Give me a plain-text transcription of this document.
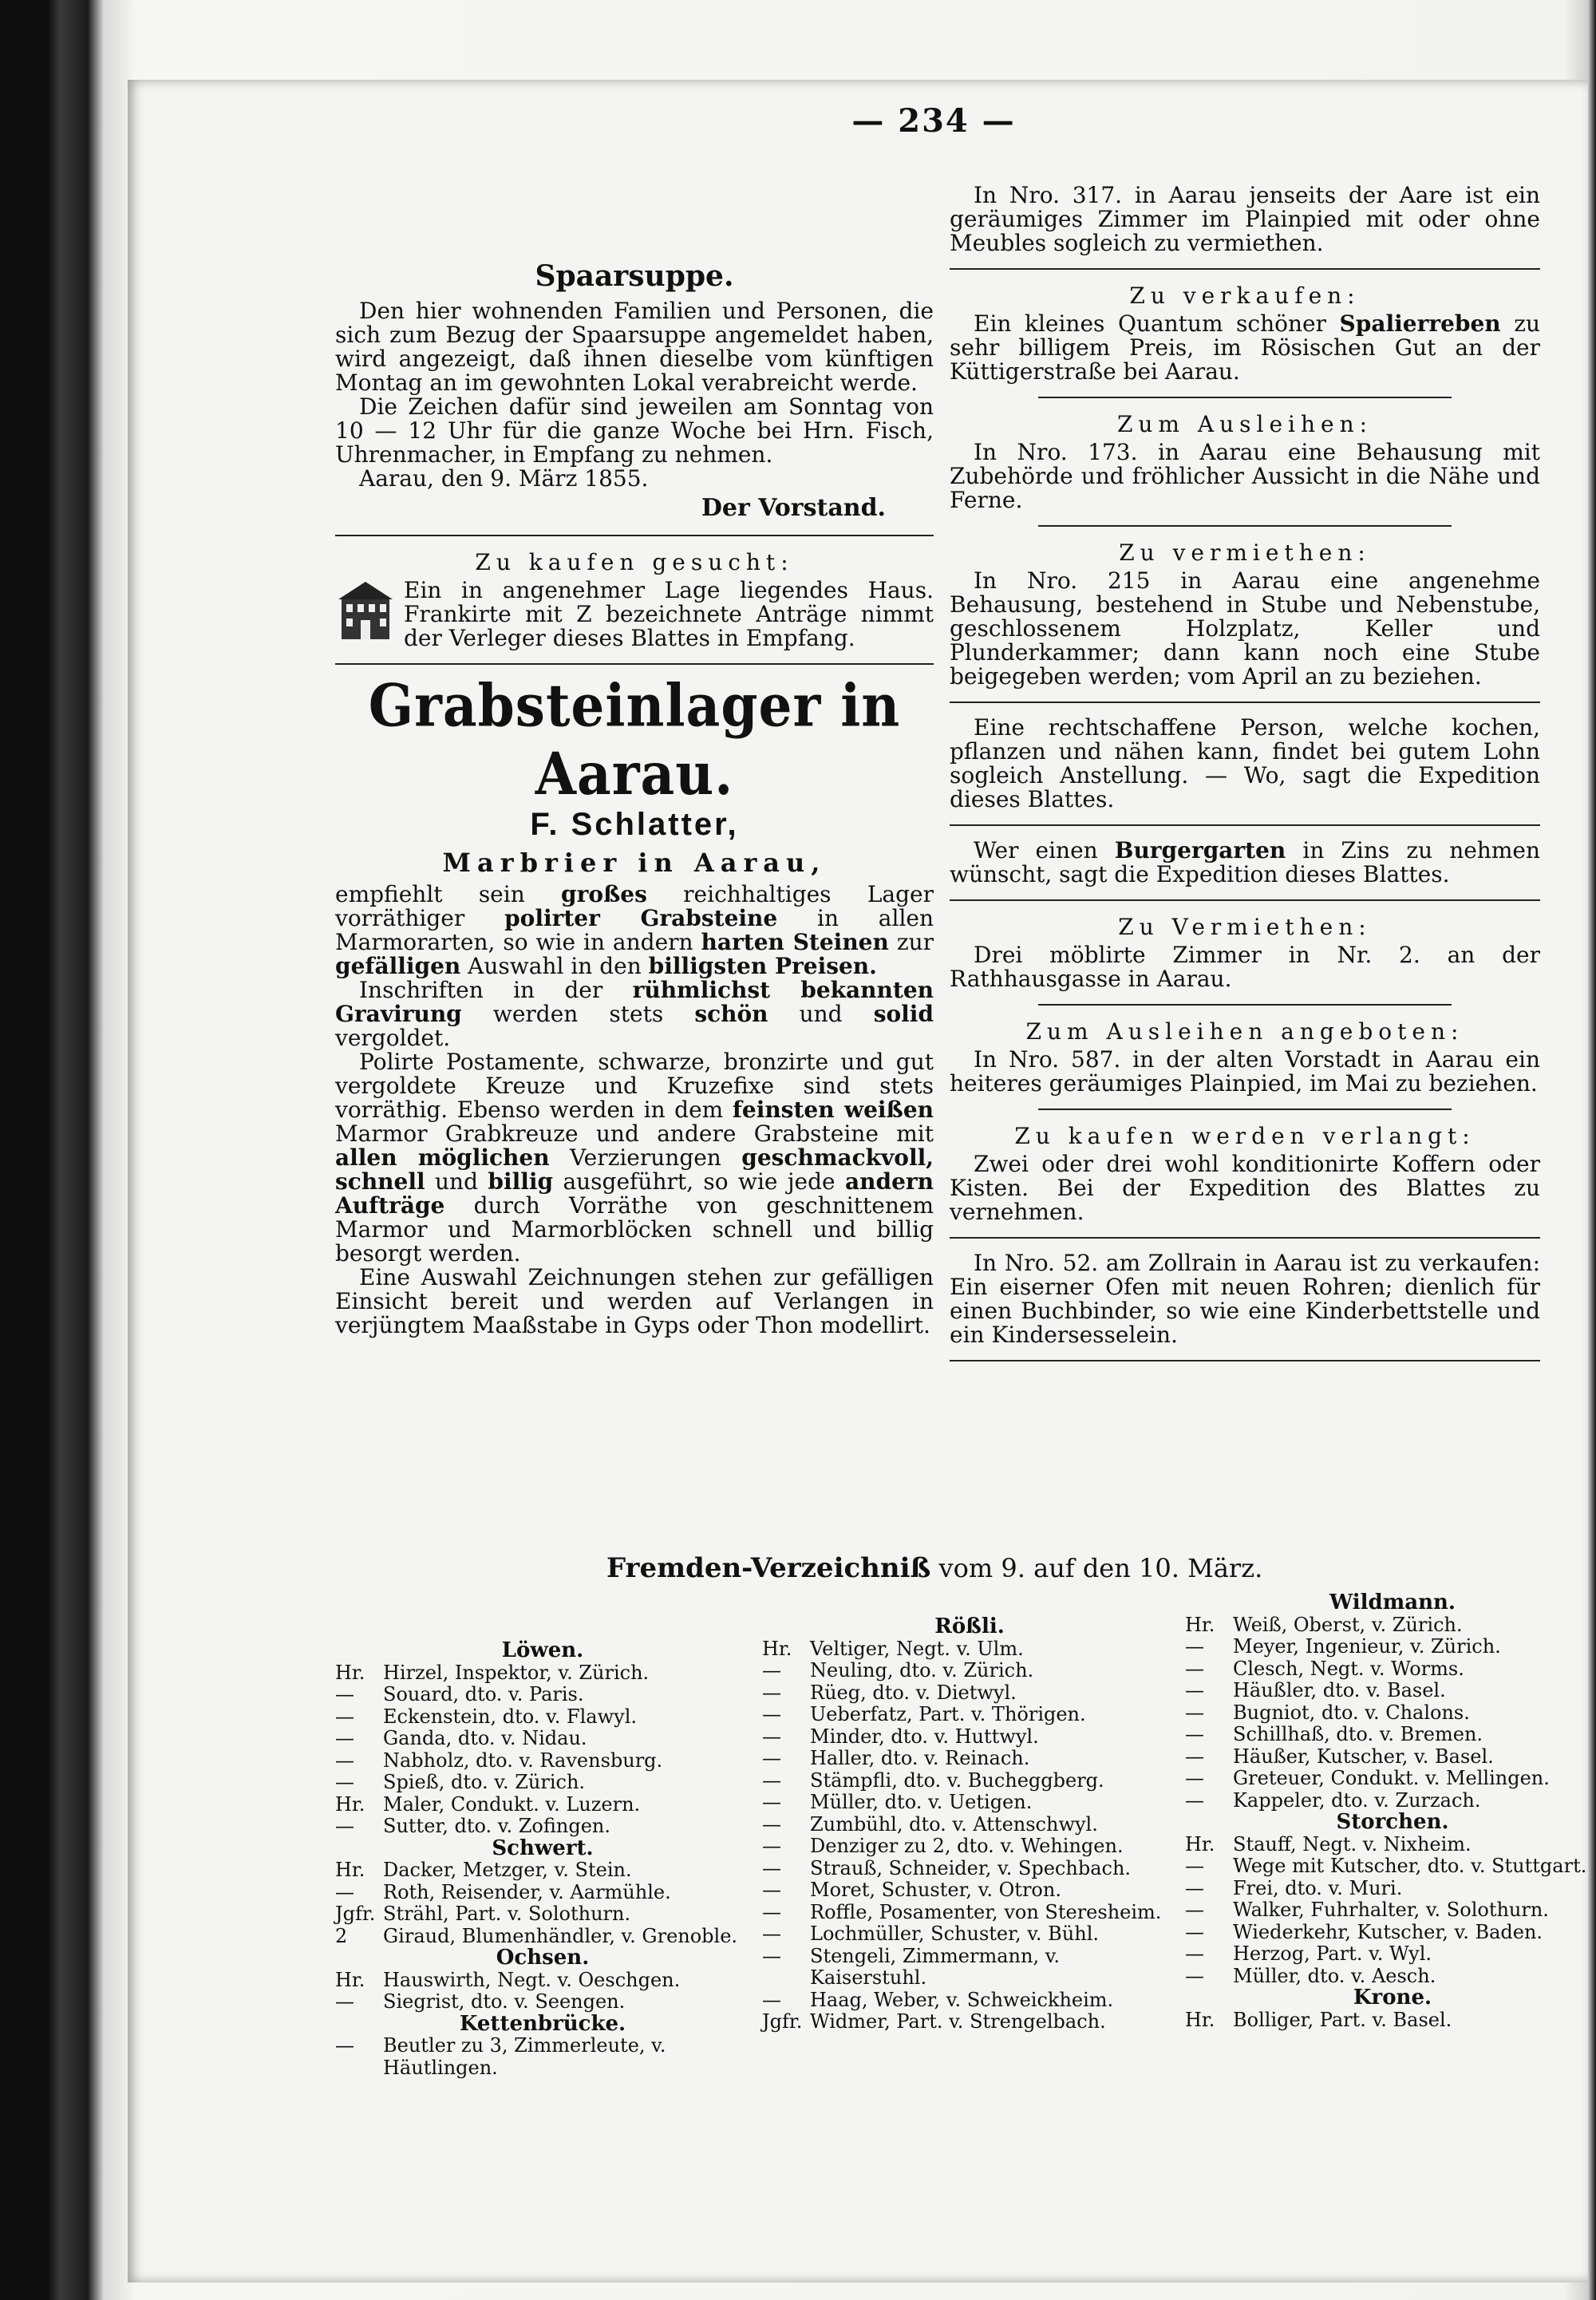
— 234 —
Spaarsuppe.

Den hier wohnenden Familien und Personen, die sich zum Bezug der Spaarsuppe angemeldet haben, wird angezeigt, daß ihnen dieselbe vom künftigen Montag an im gewohnten Lokal verabreicht werde.

Die Zeichen dafür sind jeweilen am Sonntag von 10 — 12 Uhr für die ganze Woche bei Hrn. Fisch, Uhrenmacher, in Empfang zu nehmen.

Aarau, den 9. März 1855.

Der Vorstand.
Zu kaufen gesucht:

Ein in angenehmer Lage liegendes Haus. Frankirte mit Z bezeichnete Anträge nimmt der Verleger dieses Blattes in Empfang.

Grabsteinlager in Aarau.
F. Schlatter,
Marbrier in Aarau,

empfiehlt sein großes reichhaltiges Lager vorräthiger polirter Grabsteine in allen Marmorarten, so wie in andern harten Steinen zur gefälligen Auswahl in den billigsten Preisen.

Inschriften in der rühmlichst bekannten Gravirung werden stets schön und solid vergoldet.

Polirte Postamente, schwarze, bronzirte und gut vergoldete Kreuze und Kruzefixe sind stets vorräthig. Ebenso werden in dem feinsten weißen Marmor Grabkreuze und andere Grabsteine mit allen möglichen Verzierungen geschmackvoll, schnell und billig ausgeführt, so wie jede andern Aufträge durch Vorräthe von geschnittenem Marmor und Marmorblöcken schnell und billig besorgt werden.

Eine Auswahl Zeichnungen stehen zur gefälligen Einsicht bereit und werden auf Verlangen in verjüngtem Maaßstabe in Gyps oder Thon modellirt.

In Nro. 317. in Aarau jenseits der Aare ist ein geräumiges Zimmer im Plainpied mit oder ohne Meubles sogleich zu vermiethen.

Zu verkaufen:

Ein kleines Quantum schöner Spalierreben zu sehr billigem Preis, im Rösischen Gut an der Küttigerstraße bei Aarau.

Zum Ausleihen:

In Nro. 173. in Aarau eine Behausung mit Zubehörde und fröhlicher Aussicht in die Nähe und Ferne.

Zu vermiethen:

In Nro. 215 in Aarau eine angenehme Behausung, bestehend in Stube und Nebenstube, geschlossenem Holzplatz, Keller und Plunderkammer; dann kann noch eine Stube beigegeben werden; vom April an zu beziehen.

Eine rechtschaffene Person, welche kochen, pflanzen und nähen kann, findet bei gutem Lohn sogleich Anstellung. — Wo, sagt die Expedition dieses Blattes.

Wer einen Burgergarten in Zins zu nehmen wünscht, sagt die Expedition dieses Blattes.

Zu Vermiethen:

Drei möblirte Zimmer in Nr. 2. an der Rathhausgasse in Aarau.

Zum Ausleihen angeboten:

In Nro. 587. in der alten Vorstadt in Aarau ein heiteres geräumiges Plainpied, im Mai zu beziehen.

Zu kaufen werden verlangt:

Zwei oder drei wohl konditionirte Koffern oder Kisten. Bei der Expedition des Blattes zu vernehmen.

In Nro. 52. am Zollrain in Aarau ist zu verkaufen: Ein eiserner Ofen mit neuen Rohren; dienlich für einen Buchbinder, so wie eine Kinderbettstelle und ein Kindersesselein.

Fremden-Verzeichniß vom 9. auf den 10. März.
Löwen.
Hr. Hirzel, Inspektor, v. Zürich.
— Souard, dto. v. Paris.
— Eckenstein, dto. v. Flawyl.
— Ganda, dto. v. Nidau.
— Nabholz, dto. v. Ravensburg.
— Spieß, dto. v. Zürich.
Hr. Maler, Condukt. v. Luzern.
— Sutter, dto. v. Zofingen.
Schwert.
Hr. Dacker, Metzger, v. Stein.
— Roth, Reisender, v. Aarmühle.
Jgfr. Strähl, Part. v. Solothurn.
2 Giraud, Blumenhändler, v. Grenoble.
Ochsen.
Hr. Hauswirth, Negt. v. Oeschgen.
— Siegrist, dto. v. Seengen.
Kettenbrücke.
— Beutler zu 3, Zimmerleute, v. Häutlingen.
Rößli.
Hr. Veltiger, Negt. v. Ulm.
— Neuling, dto. v. Zürich.
— Rüeg, dto. v. Dietwyl.
— Ueberfatz, Part. v. Thörigen.
— Minder, dto. v. Huttwyl.
— Haller, dto. v. Reinach.
— Stämpfli, dto. v. Bucheggberg.
— Müller, dto. v. Uetigen.
— Zumbühl, dto. v. Attenschwyl.
— Denziger zu 2, dto. v. Wehingen.
— Strauß, Schneider, v. Spechbach.
— Moret, Schuster, v. Otron.
— Roffle, Posamenter, von Steresheim.
— Lochmüller, Schuster, v. Bühl.
— Stengeli, Zimmermann, v. Kaiserstuhl.
— Haag, Weber, v. Schweickheim.
Jgfr. Widmer, Part. v. Strengelbach.
Wildmann.
Hr. Weiß, Oberst, v. Zürich.
— Meyer, Ingenieur, v. Zürich.
— Clesch, Negt. v. Worms.
— Häußler, dto. v. Basel.
— Bugniot, dto. v. Chalons.
— Schillhaß, dto. v. Bremen.
— Häußer, Kutscher, v. Basel.
— Greteuer, Condukt. v. Mellingen.
— Kappeler, dto. v. Zurzach.
Storchen.
Hr. Stauff, Negt. v. Nixheim.
— Wege mit Kutscher, dto. v. Stuttgart.
— Frei, dto. v. Muri.
— Walker, Fuhrhalter, v. Solothurn.
— Wiederkehr, Kutscher, v. Baden.
— Herzog, Part. v. Wyl.
— Müller, dto. v. Aesch.
Krone.
Hr. Bolliger, Part. v. Basel.
